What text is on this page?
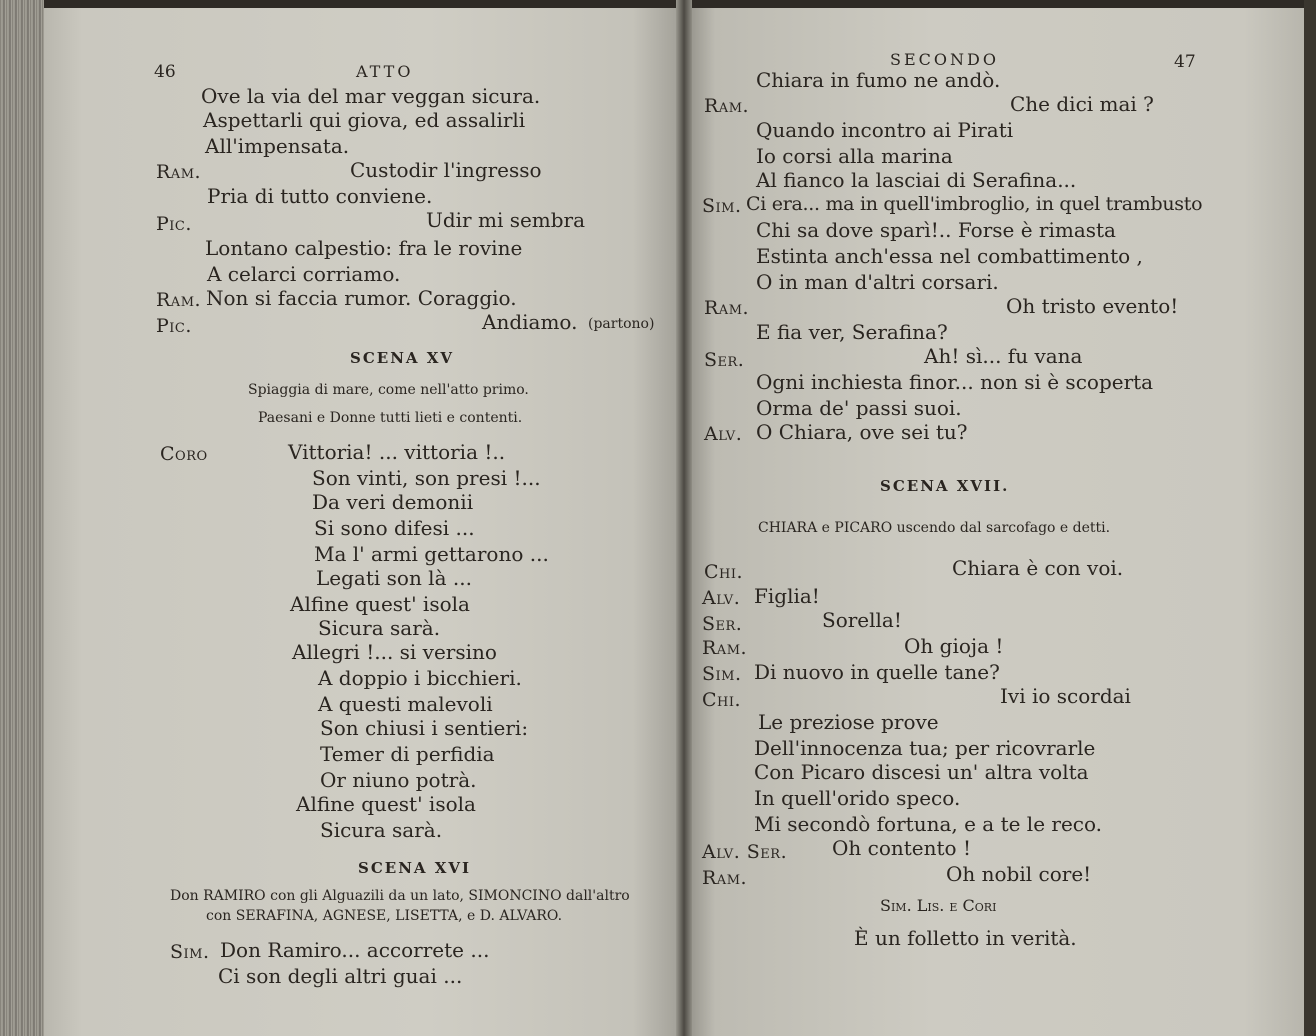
46	ATTO
Ove la via del mar veggan sicura.
Aspettarli qui giova, ed assalirli
All'impensata.
Ram.	Custodir l'ingresso
Pria di tutto conviene.
Pic.	Udir mi sembra
Lontano calpestio: fra le rovine
A celarci corriamo.
Ram. Non si faccia rumor. Coraggio.
Pic.	Andiamo. (partono)
SCENA XV
Spiaggia di mare, come nell'atto primo.
Paesani e Donne tutti lieti e contenti.
Coro	Vittoria! ... vittoria !..
Son vinti, son presi !...
Da veri demonii
Si sono difesi ...
Ma l' armi gettarono ...
Legati son là ...
Alfine quest' isola
Sicura sarà.
Allegri !... si versino
A doppio i bicchieri.
A questi malevoli
Son chiusi i sentieri:
Temer di perfidia
Or niuno potrà.
Alfine quest' isola
Sicura sarà.
SCENA XVI
Don RAMIRO con gli Alguazili da un lato, SIMONCINO dall'altro
con SERAFINA, AGNESE, LISETTA, e D. ALVARO.
Sim. Don Ramiro... accorrete ...
Ci son degli altri guai ...
SECONDO	47
Chiara in fumo ne andò.
Ram.	Che dici mai ?
Quando incontro ai Pirati
Io corsi alla marina
Al fianco la lasciai di Serafina...
Sim. Ci era... ma in quell'imbroglio, in quel trambusto
Chi sa dove sparì!.. Forse è rimasta
Estinta anch'essa nel combattimento ,
O in man d'altri corsari.
Ram.	Oh tristo evento!
E fia ver, Serafina?
Ser.	Ah! sì... fu vana
Ogni inchiesta finor... non si è scoperta
Orma de' passi suoi.
Alv. O Chiara, ove sei tu?
SCENA XVII.
CHIARA e PICARO uscendo dal sarcofago e detti.
Chi.	Chiara è con voi.
Alv. Figlia!
Ser.	Sorella!
Ram.	Oh gioja !
Sim. Di nuovo in quelle tane?
Chi.	Ivi io scordai
Le preziose prove
Dell'innocenza tua; per ricovrarle
Con Picaro discesi un' altra volta
In quell'orido speco.
Mi secondò fortuna, e a te le reco.
Alv. Ser. Oh contento !
Ram.	Oh nobil core!
Sim. Lis. e Cori
È un folletto in verità.
